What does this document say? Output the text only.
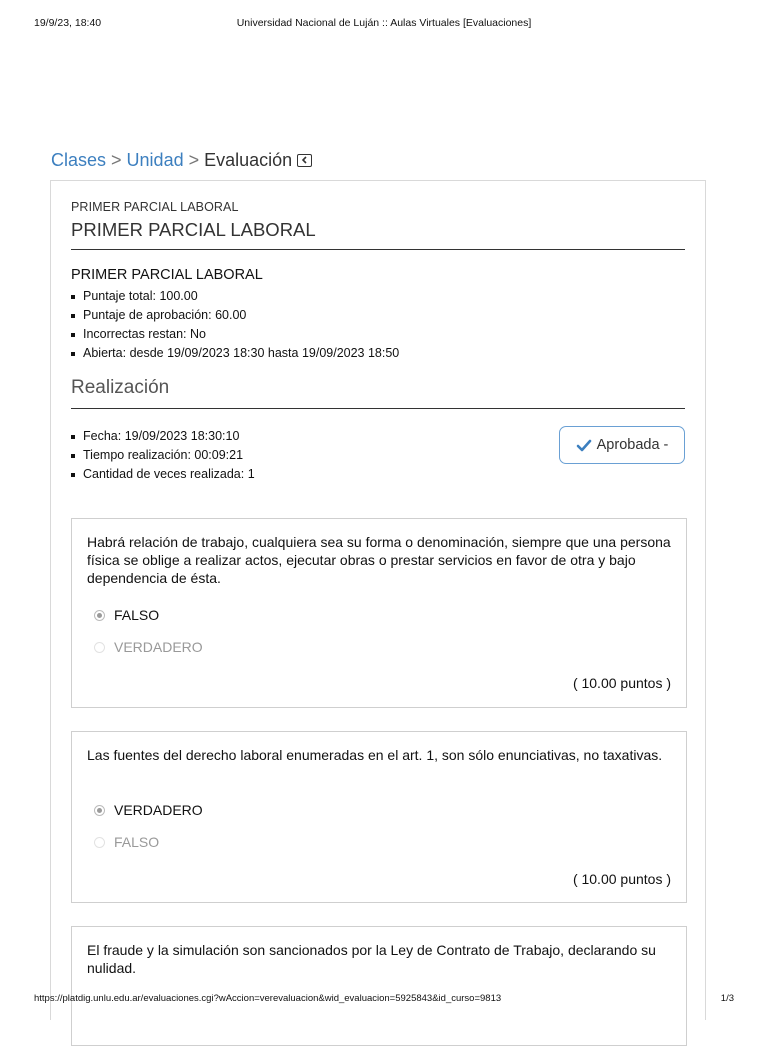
19/9/23, 18:40	Universidad Nacional de Luján :: Aulas Virtuales [Evaluaciones]
Clases > Unidad > Evaluación
PRIMER PARCIAL LABORAL
PRIMER PARCIAL LABORAL
PRIMER PARCIAL LABORAL
Puntaje total: 100.00
Puntaje de aprobación: 60.00
Incorrectas restan: No
Abierta: desde 19/09/2023 18:30 hasta 19/09/2023 18:50
Realización
Fecha: 19/09/2023 18:30:10
Tiempo realización: 00:09:21
Cantidad de veces realizada: 1
Aprobada -
Habrá relación de trabajo, cualquiera sea su forma o denominación, siempre que una persona física se oblige a realizar actos, ejecutar obras o prestar servicios en favor de otra y bajo dependencia de ésta.
FALSO
VERDADERO
( 10.00 puntos )
Las fuentes del derecho laboral enumeradas en el art. 1, son sólo enunciativas, no taxativas.
VERDADERO
FALSO
( 10.00 puntos )
El fraude y la simulación son sancionados por la Ley de Contrato de Trabajo, declarando su nulidad.
https://platdig.unlu.edu.ar/evaluaciones.cgi?wAccion=verevaluacion&wid_evaluacion=5925843&id_curso=9813	1/3
